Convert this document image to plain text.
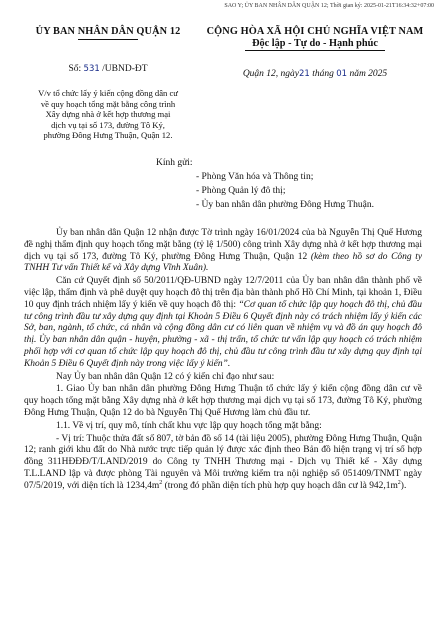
SAO Y; ỦY BAN NHÂN DÂN QUẬN 12; Thời gian ký: 2025-01-21T16:34:32+07:00
ỦY BAN NHÂN DÂN QUẬN 12
Số: 531 /UBND-ĐT
CỘNG HÒA XÃ HỘI CHỦ NGHĨA VIỆT NAM
Độc lập - Tự do - Hạnh phúc
Quận 12, ngày21 tháng 01 năm 2025
V/v tổ chức lấy ý kiến cộng đồng dân cư
về quy hoạch tổng mặt bằng công trình
Xây dựng nhà ở kết hợp thương mại
dịch vụ tại số 173, đường Tô Ký,
phường Đông Hưng Thuận, Quận 12.
Kính gửi:
- Phòng Văn hóa và Thông tin;
- Phòng Quản lý đô thị;
- Ủy ban nhân dân phường Đông Hưng Thuận.

Ủy ban nhân dân Quận 12 nhận được Tờ trình ngày 16/01/2024 của bà Nguyễn Thị Quế Hương đề nghị thẩm định quy hoạch tổng mặt bằng (tỷ lệ 1/500) công trình Xây dựng nhà ở kết hợp thương mại dịch vụ tại số 173, đường Tô Ký, phường Đông Hưng Thuận, Quận 12 (kèm theo hồ sơ do Công ty TNHH Tư vấn Thiết kế và Xây dựng Vĩnh Xuân).

Căn cứ Quyết định số 50/2011/QĐ-UBND ngày 12/7/2011 của Ủy ban nhân dân thành phố về việc lập, thẩm định và phê duyệt quy hoạch đô thị trên địa bàn thành phố Hồ Chí Minh, tại khoản 1, Điều 10 quy định trách nhiệm lấy ý kiến về quy hoạch đô thị: “Cơ quan tổ chức lập quy hoạch đô thị, chủ đầu tư công trình đầu tư xây dựng quy định tại Khoản 5 Điều 6 Quyết định này có trách nhiệm lấy ý kiến các Sở, ban, ngành, tổ chức, cá nhân và cộng đồng dân cư có liên quan về nhiệm vụ và đồ án quy hoạch đô thị. Ủy ban nhân dân quận - huyện, phường - xã - thị trấn, tổ chức tư vấn lập quy hoạch có trách nhiệm phối hợp với cơ quan tổ chức lập quy hoạch đô thị, chủ đầu tư công trình đầu tư xây dựng quy định tại Khoản 5 Điều 6 Quyết định này trong việc lấy ý kiến”.

Nay Ủy ban nhân dân Quận 12 có ý kiến chỉ đạo như sau:

1. Giao Ủy ban nhân dân phường Đông Hưng Thuận tổ chức lấy ý kiến cộng đồng dân cư về quy hoạch tổng mặt bằng Xây dựng nhà ở kết hợp thương mại dịch vụ tại số 173, đường Tô Ký, phường Đông Hưng Thuận, Quận 12 do bà Nguyễn Thị Quế Hương làm chủ đầu tư.

1.1. Về vị trí, quy mô, tính chất khu vực lập quy hoạch tổng mặt bằng:

- Vị trí: Thuộc thửa đất số 807, tờ bản đồ số 14 (tài liệu 2005), phường Đông Hưng Thuận, Quận 12; ranh giới khu đất do Nhà nước trực tiếp quản lý được xác định theo Bản đồ hiện trạng vị trí số hợp đồng 311HĐĐĐ/T/LAND/2019 do Công ty TNHH Thương mại - Dịch vụ Thiết kế - Xây dựng T.L.LAND lập và được phòng Tài nguyên và Môi trường kiểm tra nội nghiệp số 051409/TNMT ngày 07/5/2019, với diện tích là $1234,4m^2$ (trong đó phần diện tích phù hợp quy hoạch dân cư là $942,1m^2$).
